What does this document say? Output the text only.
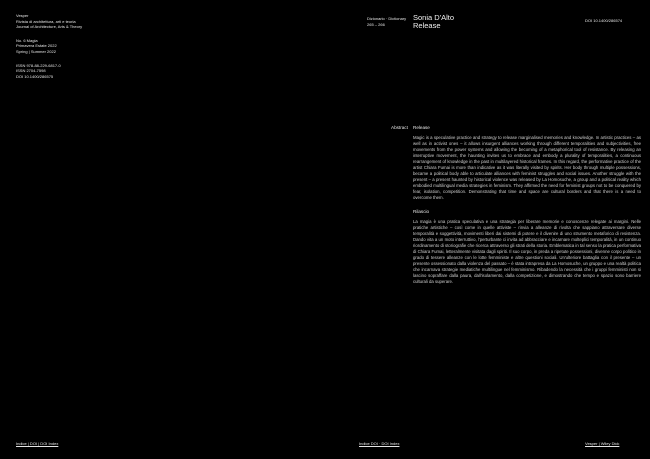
Vesper
Rivista di architettura, arti e teoria
Journal of Architecture, Arts & Theory
No. 6 Magia
Primavera Estate 2022
Spring | Summer 2022
ISSN 978-88-229-6817-0
ISSN 2704-7598
DOI 10.1400/286575
Dizionario · Dictionary
265 – 266
Sonia D'Alto
Release
DOI 10.1400/286574
Abstract Release
Magic is a speculative practice and strategy to release marginalised memories and knowledge. In artistic practices – as well as in activist ones – it allows insurgent alliances working through different temporalities and subjectivities, free movements from the power systems and allowing the becoming of a metaphorical tool of resistance. By releasing an interruptive movement, the haunting invites us to embrace and embody a plurality of temporalities, a continuous rearrangement of knowledge in the past in multilayered historical frames. In this regard, the performative practice of the artist Chiara Fumai is more than indicative as it was literally visited by spirits. Her body through multiple possessions, became a political body able to articulate alliances with feminist struggles and social issues. Another struggle with the present – a present haunted by historical violence was released by La Homosuche, a group and a political reality which embodied multilingual media strategies in feminism. They affirmed the need for feminist groups not to be conquered by fear, isolation, competition. Demonstrating that time and space are cultural borders and that there is a need to overcome them.
Rilascio
La magia è una pratica speculativa e una strategia per liberare memorie e conoscenze relegate ai margini. Nelle pratiche artistiche – così come in quelle attiviste – rinvia a alleanze di rivolta che sappiano attraversare diverse temporalità e soggettività, movimenti liberi dai sistemi di potere e il divenire di uno strumento metaforico di resistenza. Dando vita a un moto interruttivo, l'perturbante ci invita ad abbracciare e incarnare molteplici temporalità, in un continuo riordinamento di storiografie che ricerca attraverso gli strati della storia. Emblematica in tal senso la pratica performativa di Chiara Fumai, letteralmente visitata dagli spiriti. Il suo corpo, in preda a ripetute possessioni, divenne corpo politico in grado di tessere alleanze con le lotte femministe e altre questioni sociali. Un'ulteriore battaglia con il presente – un presente ossessionato dalla violenza del passato – è stata intrapresa da La Homosuche, un gruppo e una realtà politica che incarnava strategie mediatiche multilingue nel femminismo. Ribadendo la necessità che i gruppi femministi non si lascino sopraffare dalla paura, dall'isolamento, dalla competizione, e dimostrando che tempo e spazio sono barriere culturali da superare.
Indice | DOI | DOI Index	Indice DOI · DOI Index	Vesper | Wiley Dick
